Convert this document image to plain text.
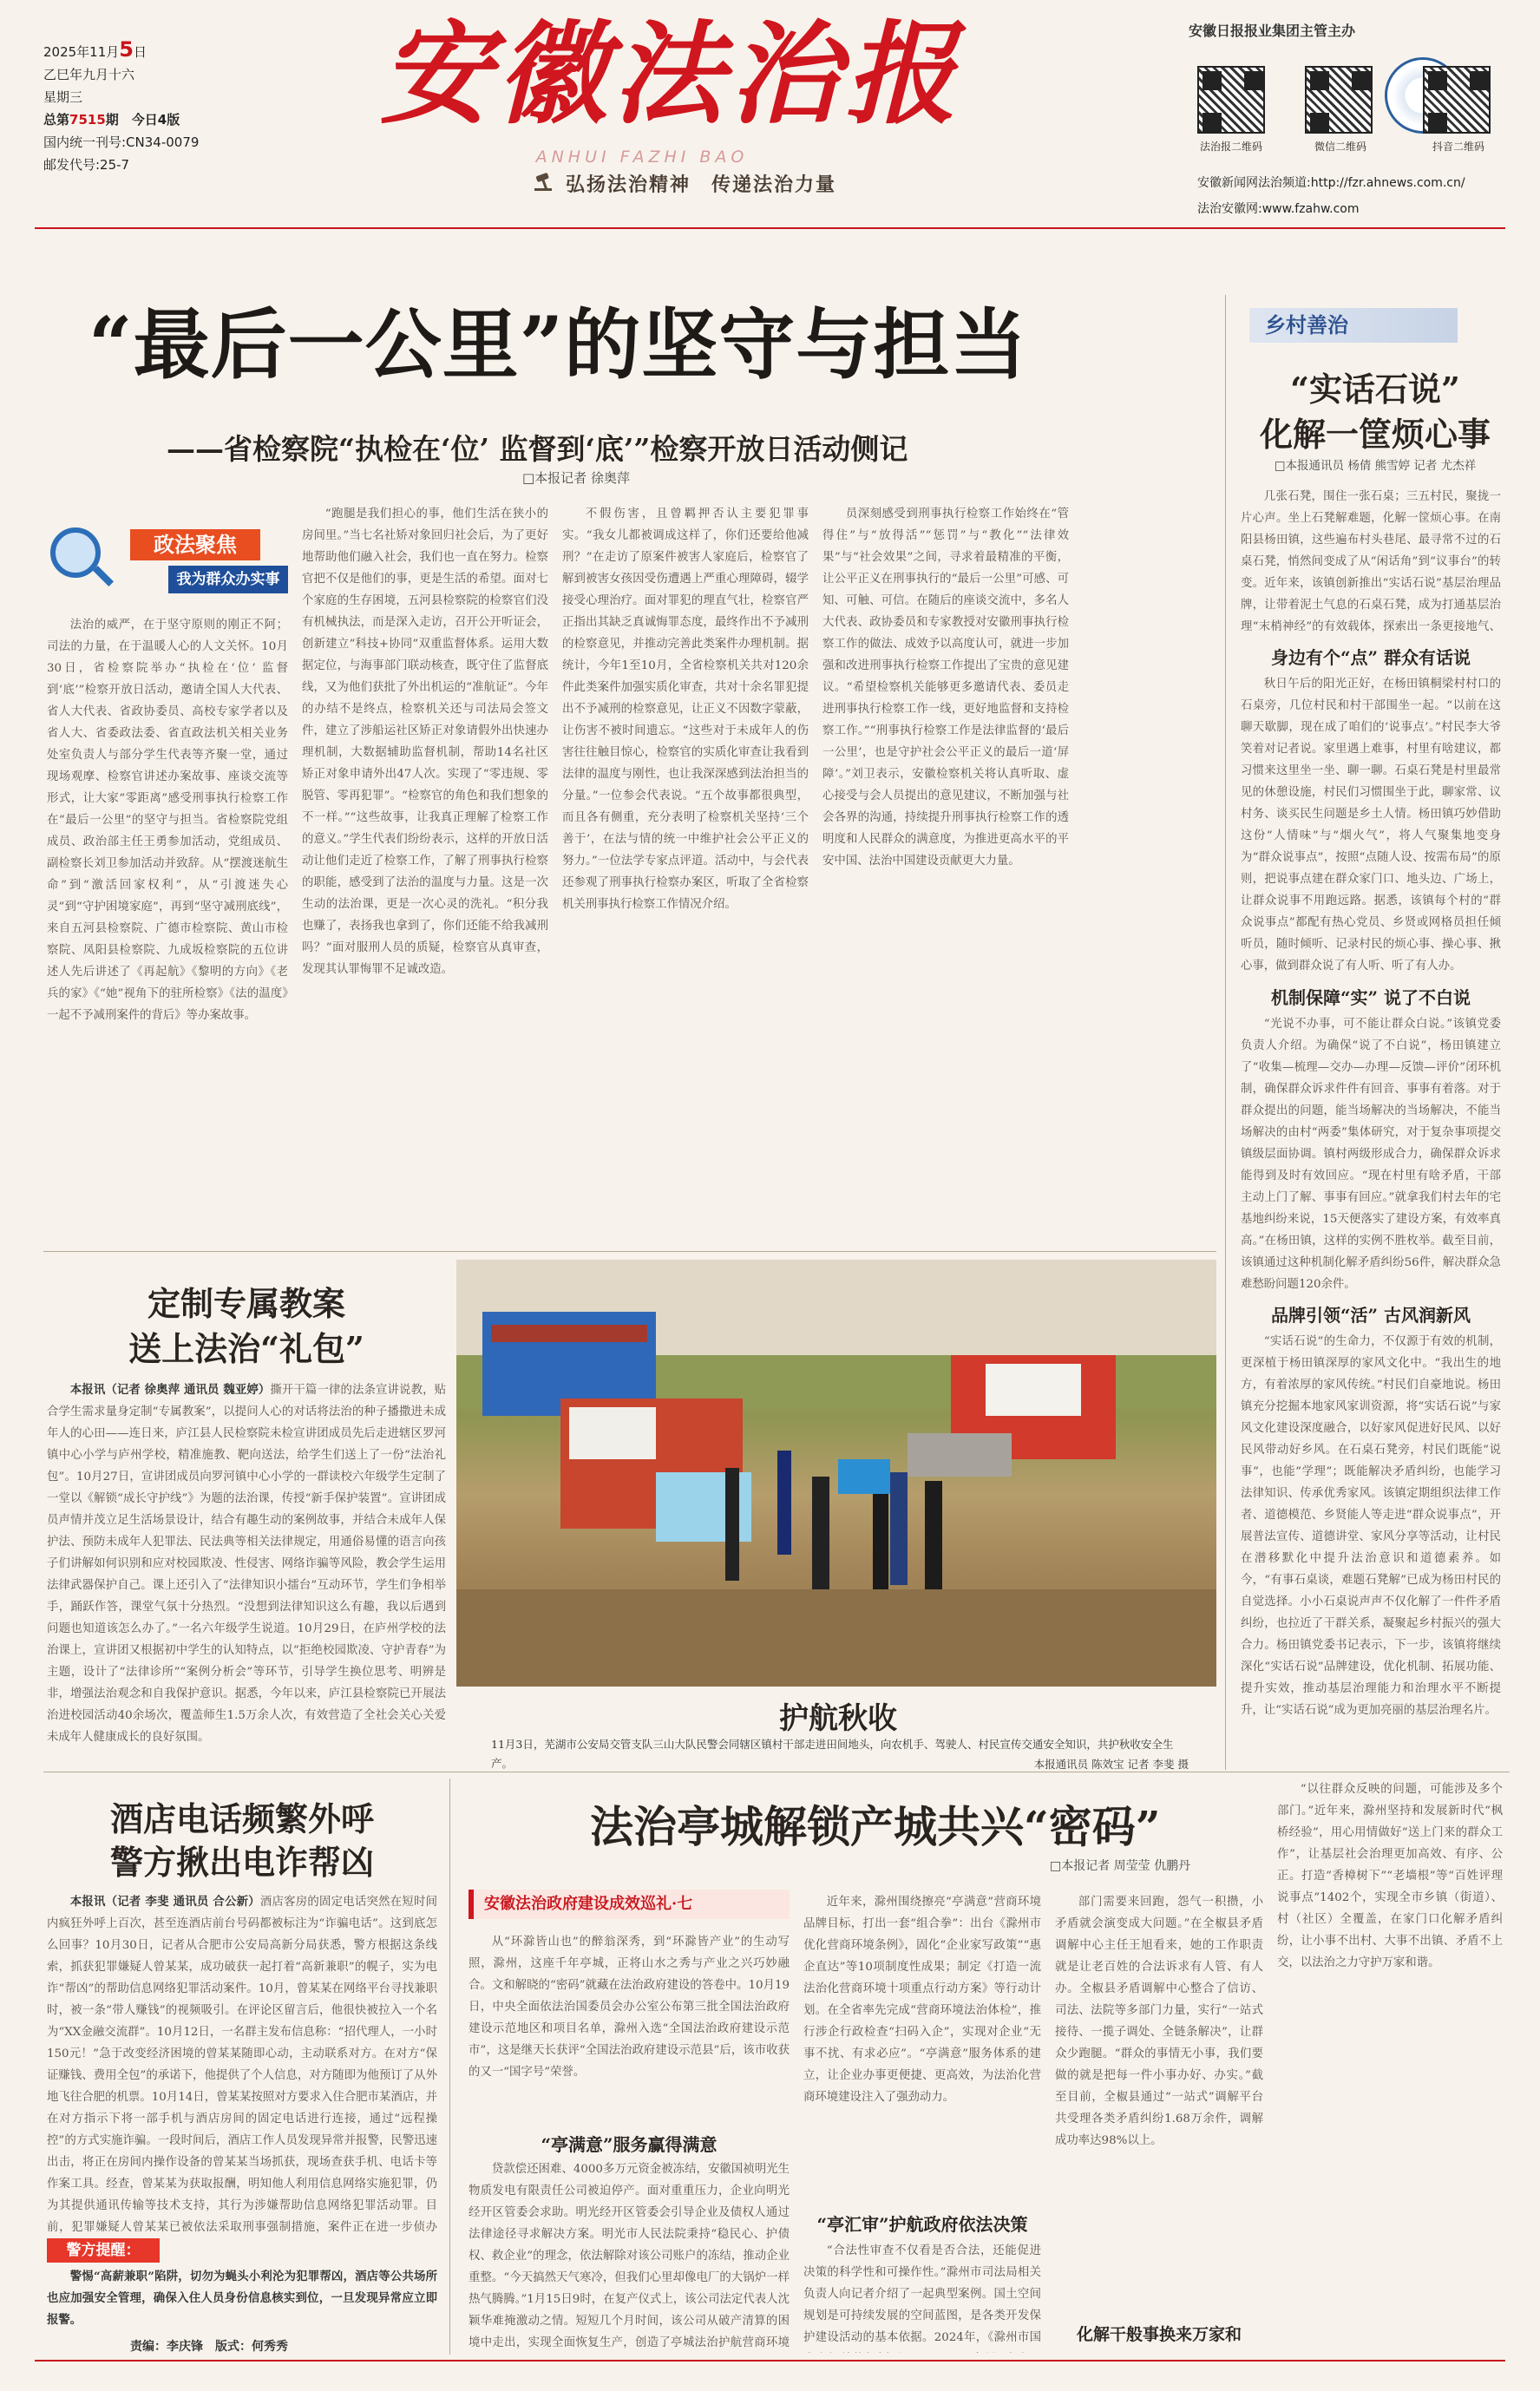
2025年11月5日
乙巳年九月十六
星期三
总第7515期　今日4版
国内统一刊号:CN34-0079
邮发代号:25-7
安徽法治报
ANHUI FAZHI BAO
弘扬法治精神　传递法治力量
安徽日报报业集团主管主办
微信二维码
法治报二维码	抖音二维码
安徽新闻网法治频道:http://fzr.ahnews.com.cn/
法治安徽网:www.fzahw.com
“最后一公里”的坚守与担当
——省检察院“执检在‘位’ 监督到‘底’”检察开放日活动侧记
□本报记者 徐奥萍
政法聚焦
我为群众办实事

法治的威严，在于坚守原则的刚正不阿；司法的力量，在于温暖人心的人文关怀。10月30日，省检察院举办“执检在‘位’ 监督到‘底’”检察开放日活动，邀请全国人大代表、省人大代表、省政协委员、高校专家学者以及省人大、省委政法委、省直政法机关相关业务处室负责人与部分学生代表等齐聚一堂，通过现场观摩、检察官讲述办案故事、座谈交流等形式，让大家“零距离”感受刑事执行检察工作在“最后一公里”的坚守与担当。省检察院党组成员、政治部主任王勇参加活动，党组成员、副检察长刘卫参加活动并致辞。从“摆渡迷航生命”到“激活回家权利”，从“引渡迷失心灵”到“守护困境家庭”，再到“坚守减刑底线”，来自五河县检察院、广德市检察院、黄山市检察院、凤阳县检察院、九成坂检察院的五位讲述人先后讲述了《再起航》《黎明的方向》《老兵的家》《“她”视角下的驻所检察》《法的温度》一起不予减刑案件的背后》等办案故事。

“跑腿是我们担心的事，他们生活在狭小的房间里。”当七名社矫对象回归社会后，为了更好地帮助他们融入社会，我们也一直在努力。检察官把不仅是他们的事，更是生活的希望。面对七个家庭的生存困境，五河县检察院的检察官们没有机械执法，而是深入走访，召开公开听证会，创新建立“科技+协同”双重监督体系。运用大数据定位，与海事部门联动核查，既守住了监督底线，又为他们获批了外出机运的“准航证”。今年的办结不是终点，检察机关还与司法局会签文件，建立了涉船运社区矫正对象请假外出快速办理机制，大数据辅助监督机制，帮助14名社区矫正对象申请外出47人次。实现了“零违规、零脱管、零再犯罪”。“检察官的角色和我们想象的不一样。”“这些故事，让我真正理解了检察工作的意义。”学生代表们纷纷表示，这样的开放日活动让他们走近了检察工作，了解了刑事执行检察的职能，感受到了法治的温度与力量。这是一次生动的法治课，更是一次心灵的洗礼。“积分我也赚了，表扬我也拿到了，你们还能不给我减刑吗？”面对服刑人员的质疑，检察官从真审查，发现其认罪悔罪不足诚改造。

不假伤害，且曾羁押否认主要犯罪事实。“我女儿都被调成这样了，你们还要给他减刑？”在走访了原案件被害人家庭后，检察官了解到被害女孩因受伤遭遇上严重心理障碍，辍学接受心理治疗。面对罪犯的理直气壮，检察官严正指出其缺乏真诚悔罪态度，最终作出不予减刑的检察意见，并推动完善此类案件办理机制。据统计，今年1至10月，全省检察机关共对120余件此类案件加强实质化审查，共对十余名罪犯提出不予减刑的检察意见，让正义不因数字蒙蔽，让伤害不被时间遗忘。“这些对于未成年人的伤害往往触目惊心，检察官的实质化审查让我看到法律的温度与刚性，也让我深深感到法治担当的分量。”一位参会代表说。“五个故事都很典型，而且各有侧重，充分表明了检察机关坚持‘三个善于’，在法与情的统一中维护社会公平正义的努力。”一位法学专家点评道。活动中，与会代表还参观了刑事执行检察办案区，听取了全省检察机关刑事执行检察工作情况介绍。

员深刻感受到刑事执行检察工作始终在“管得住”与“放得活”“惩罚”与“教化”“法律效果”与“社会效果”之间，寻求着最精准的平衡，让公平正义在刑事执行的“最后一公里”可感、可知、可触、可信。在随后的座谈交流中，多名人大代表、政协委员和专家教授对安徽刑事执行检察工作的做法、成效予以高度认可，就进一步加强和改进刑事执行检察工作提出了宝贵的意见建议。“希望检察机关能够更多邀请代表、委员走进刑事执行检察工作一线，更好地监督和支持检察工作。”“刑事执行检察工作是法律监督的‘最后一公里’，也是守护社会公平正义的最后一道‘屏障’。”刘卫表示，安徽检察机关将认真听取、虚心接受与会人员提出的意见建议，不断加强与社会各界的沟通，持续提升刑事执行检察工作的透明度和人民群众的满意度，为推进更高水平的平安中国、法治中国建设贡献更大力量。

乡村善治
“实话石说”
化解一筐烦心事
□本报通讯员 杨倩 熊雪婷 记者 尤杰祥

几张石凳，围住一张石桌；三五村民，聚拢一片心声。坐上石凳解难题，化解一筐烦心事。在南阳县杨田镇，这些遍布村头巷尾、最寻常不过的石桌石凳，悄然间变成了从“闲话角”到“议事台”的转变。近年来，该镇创新推出“实话石说”基层治理品牌，让带着泥土气息的石桌石凳，成为打通基层治理“末梢神经”的有效载体，探索出一条更接地气、

身边有个“点” 群众有话说

秋日午后的阳光正好，在杨田镇桐梁村村口的石桌旁，几位村民和村干部围坐一起。“以前在这聊天歇脚，现在成了咱们的‘说事点’。”村民李大爷笑着对记者说。家里遇上难事，村里有啥建议，都习惯来这里坐一坐、聊一聊。石桌石凳是村里最常见的休憩设施，村民们习惯围坐于此，聊家常、议村务、谈买民生问题是乡土人情。杨田镇巧妙借助这份“人情味”与“烟火气”，将人气聚集地变身为“群众说事点”，按照“点随人设、按需布局”的原则，把说事点建在群众家门口、地头边、广场上，让群众说事不用跑远路。据悉，该镇每个村的“群众说事点”都配有热心党员、乡贤或网格员担任倾听员，随时倾听、记录村民的烦心事、操心事、揪心事，做到群众说了有人听、听了有人办。

机制保障“实” 说了不白说

“光说不办事，可不能让群众白说。”该镇党委负责人介绍。为确保“说了不白说”，杨田镇建立了“收集—梳理—交办—办理—反馈—评价”闭环机制，确保群众诉求件件有回音、事事有着落。对于群众提出的问题，能当场解决的当场解决，不能当场解决的由村“两委”集体研究，对于复杂事项提交镇级层面协调。镇村两级形成合力，确保群众诉求能得到及时有效回应。“现在村里有啥矛盾，干部主动上门了解、事事有回应。”就拿我们村去年的宅基地纠纷来说，15天便落实了建设方案，有效率真高。”在杨田镇，这样的实例不胜枚举。截至目前，该镇通过这种机制化解矛盾纠纷56件，解决群众急难愁盼问题120余件。

品牌引领“活” 古风润新风

“实话石说”的生命力，不仅源于有效的机制，更深植于杨田镇深厚的家风文化中。“我出生的地方，有着浓厚的家风传统。”村民们自豪地说。杨田镇充分挖掘本地家风家训资源，将“实话石说”与家风文化建设深度融合，以好家风促进好民风、以好民风带动好乡风。在石桌石凳旁，村民们既能“说事”，也能“学理”；既能解决矛盾纠纷，也能学习法律知识、传承优秀家风。该镇定期组织法律工作者、道德模范、乡贤能人等走进“群众说事点”，开展普法宣传、道德讲堂、家风分享等活动，让村民在潜移默化中提升法治意识和道德素养。如今，“有事石桌谈，难题石凳解”已成为杨田村民的自觉选择。小小石桌说声声不仅化解了一件件矛盾纠纷，也拉近了干群关系，凝聚起乡村振兴的强大合力。杨田镇党委书记表示，下一步，该镇将继续深化“实话石说”品牌建设，优化机制、拓展功能、提升实效，推动基层治理能力和治理水平不断提升，让“实话石说”成为更加亮丽的基层治理名片。

定制专属教案
送上法治“礼包”

本报讯（记者 徐奥萍 通讯员 魏亚婷）撕开干篇一律的法条宣讲说教，贴合学生需求量身定制“专属教案”，以提问人心的对话将法治的种子播撒进未成年人的心田——连日来，庐江县人民检察院未检宣讲团成员先后走进辖区罗河镇中心小学与庐州学校，精准施教、靶向送法，给学生们送上了一份“法治礼包”。10月27日，宣讲团成员向罗河镇中心小学的一群读校六年级学生定制了一堂以《解锁“成长守护线”》为题的法治课，传授“新手保护装置”。宣讲团成员声情并茂立足生活场景设计，结合有趣生动的案例故事，并结合未成年人保护法、预防未成年人犯罪法、民法典等相关法律规定，用通俗易懂的语言向孩子们讲解如何识别和应对校园欺凌、性侵害、网络诈骗等风险，教会学生运用法律武器保护自己。课上还引入了“法律知识小擂台”互动环节，学生们争相举手，踊跃作答，课堂气氛十分热烈。“没想到法律知识这么有趣，我以后遇到问题也知道该怎么办了。”一名六年级学生说道。10月29日，在庐州学校的法治课上，宣讲团又根据初中学生的认知特点，以“拒绝校园欺凌、守护青春”为主题，设计了“法律诊所”“案例分析会”等环节，引导学生换位思考、明辨是非，增强法治观念和自我保护意识。据悉，今年以来，庐江县检察院已开展法治进校园活动40余场次，覆盖师生1.5万余人次，有效营造了全社会关心关爱未成年人健康成长的良好氛围。

护航秋收
11月3日，芜湖市公安局交管支队三山大队民警会同辖区镇村干部走进田间地头，向农机手、驾驶人、村民宣传交通安全知识，共护秋收安全生产。	本报通讯员 陈效宝 记者 李斐 摄
酒店电话频繁外呼
警方揪出电诈帮凶

本报讯（记者 李斐 通讯员 合公新）酒店客房的固定电话突然在短时间内疯狂外呼上百次，甚至连酒店前台号码都被标注为“诈骗电话”。这到底怎么回事？10月30日，记者从合肥市公安局高新分局获悉，警方根据这条线索，抓获犯罪嫌疑人曾某某，成功破获一起打着“高新兼职”的幌子，实为电诈“帮凶”的帮助信息网络犯罪活动案件。10月，曾某某在网络平台寻找兼职时，被一条“带人赚钱”的视频吸引。在评论区留言后，他很快被拉入一个名为“XX金融交流群”。10月12日，一名群主发布信息称：“招代理人，一小时150元！”急于改变经济困境的曾某某随即心动，主动联系对方。在对方“保证赚钱、费用全包”的承诺下，他提供了个人信息，对方随即为他预订了从外地飞往合肥的机票。10月14日，曾某某按照对方要求入住合肥市某酒店，并在对方指示下将一部手机与酒店房间的固定电话进行连接，通过“远程操控”的方式实施诈骗。一段时间后，酒店工作人员发现异常并报警，民警迅速出击，将正在房间内操作设备的曾某某当场抓获，现场查获手机、电话卡等作案工具。经查，曾某某为获取报酬，明知他人利用信息网络实施犯罪，仍为其提供通讯传输等技术支持，其行为涉嫌帮助信息网络犯罪活动罪。目前，犯罪嫌疑人曾某某已被依法采取刑事强制措施，案件正在进一步侦办

警方提醒：

警惕“高薪兼职”陷阱，切勿为蝇头小利沦为犯罪帮凶，酒店等公共场所也应加强安全管理，确保入住人员身份信息核实到位，一旦发现异常应立即报警。

责编：李庆锋　版式：何秀秀
法治亭城解锁产城共兴“密码”
□本报记者 周莹莹 仇鹏丹
安徽法治政府建设成效巡礼·七

从“环滁皆山也”的醉翁深秀，到“环滁皆产业”的生动写照，滁州，这座千年亭城，正将山水之秀与产业之兴巧妙融合。文和解晓的“密码”就藏在法治政府建设的答卷中。10月19日，中央全面依法治国委员会办公室公布第三批全国法治政府建设示范地区和项目名单，滁州入选“全国法治政府建设示范市”，这是继天长获评“全国法治政府建设示范县”后，该市收获的又一“国字号”荣誉。

“亭满意”服务赢得满意

贷款偿还困难、4000多万元资金被冻结，安徽国祯明光生物质发电有限责任公司被迫停产。面对重重压力，企业向明光经开区管委会求助。明光经开区管委会引导企业及债权人通过法律途径寻求解决方案。明光市人民法院秉持“稳民心、护债权、救企业”的理念，依法解除对该公司账户的冻结，推动企业重整。“今天搞然天气寒冷，但我们心里却像电厂的大锅炉一样热气腾腾。”1月15日9时，在复产仪式上，该公司法定代表人沈颖华难掩激动之情。短短几个月时间，该公司从破产清算的困境中走出，实现全面恢复生产，创造了亭城法治护航营商环境

近年来，滁州围绕擦亮“亭满意”营商环境品牌目标，打出一套“组合拳”：出台《滁州市优化营商环境条例》，固化“企业家写政策”“惠企直达”等10项制度性成果；制定《打造一流法治化营商环境十项重点行动方案》等行动计划。在全省率先完成“营商环境法治体检”，推行涉企行政检查“扫码入企”，实现对企业“无事不扰、有求必应”。“亭满意”服务体系的建立，让企业办事更便捷、更高效，为法治化营商环境建设注入了强劲动力。

“亭汇审”护航政府依法决策

“合法性审查不仅看是否合法，还能促进决策的科学性和可操作性。”滁州市司法局相关负责人向记者介绍了一起典型案例。国土空间规划是可持续发展的空间蓝图，是各类开发保护建设活动的基本依据。2024年，《滁州市国

部门需要来回跑，怨气一积攒，小矛盾就会演变成大问题。”在全椒县矛盾调解中心主任王旭看来，她的工作职责就是让老百姓的合法诉求有人管、有人办。全椒县矛盾调解中心整合了信访、司法、法院等多部门力量，实行“一站式接待、一揽子调处、全链条解决”，让群众少跑腿。“群众的事情无小事，我们要做的就是把每一件小事办好、办实。”截至目前，全椒县通过“一站式”调解平台共受理各类矛盾纠纷1.68万余件，调解成功率达98%以上。

化解干般事换来万家和

“以往群众反映的问题，可能涉及多个部门。”近年来，滁州坚持和发展新时代“枫桥经验”，用心用情做好“送上门来的群众工作”，让基层社会治理更加高效、有序、公正。打造“香樟树下”“老墙根”等“百姓评理说事点”1402个，实现全市乡镇（街道）、村（社区）全覆盖，在家门口化解矛盾纠纷，让小事不出村、大事不出镇、矛盾不上交，以法治之力守护万家和谐。
